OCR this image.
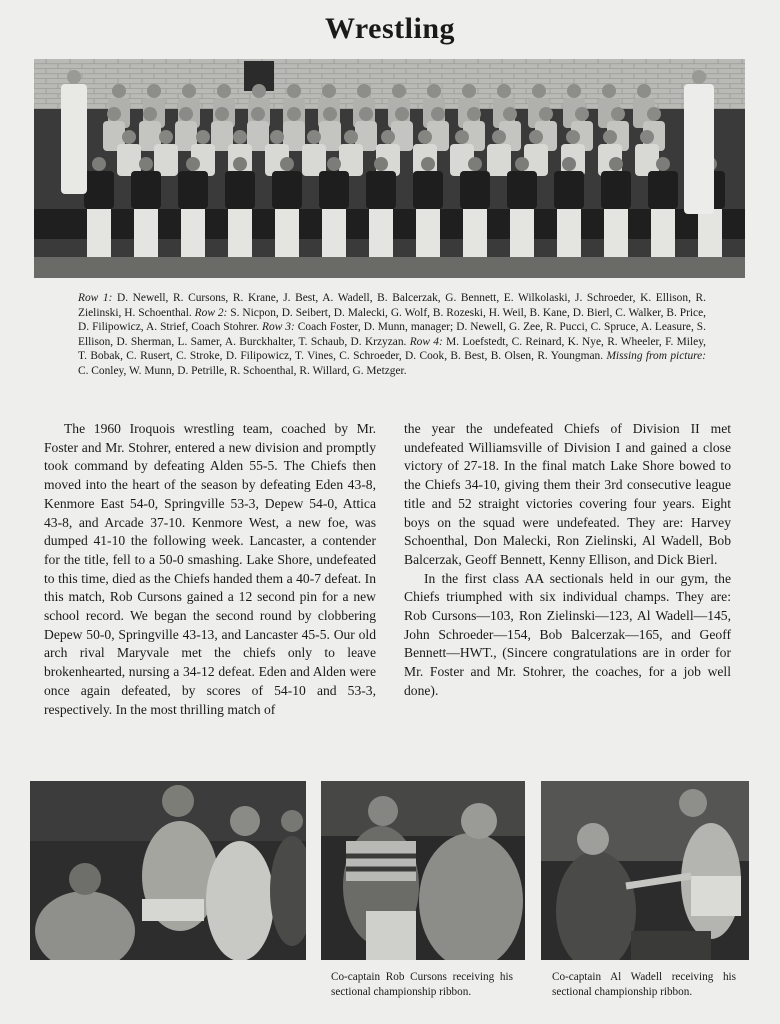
Wrestling
Row 1: D. Newell, R. Cursons, R. Krane, J. Best, A. Wadell, B. Balcerzak, G. Bennett, E. Wilkolaski, J. Schroeder, K. Ellison, R. Zielinski, H. Schoenthal. Row 2: S. Nicpon, D. Seibert, D. Malecki, G. Wolf, B. Rozeski, H. Weil, B. Kane, D. Bierl, C. Walker, B. Price, D. Filipowicz, A. Strief, Coach Stohrer. Row 3: Coach Foster, D. Munn, manager; D. Newell, G. Zee, R. Pucci, C. Spruce, A. Leasure, S. Ellison, D. Sherman, L. Samer, A. Burckhalter, T. Schaub, D. Krzyzan. Row 4: M. Loefstedt, C. Reinard, K. Nye, R. Wheeler, F. Miley, T. Bobak, C. Rusert, C. Stroke, D. Filipowicz, T. Vines, C. Schroeder, D. Cook, B. Best, B. Olsen, R. Youngman. Missing from picture: C. Conley, W. Munn, D. Petrille, R. Schoenthal, R. Willard, G. Metzger.

The 1960 Iroquois wrestling team, coached by Mr. Foster and Mr. Stohrer, entered a new division and promptly took command by defeating Alden 55-5. The Chiefs then moved into the heart of the season by defeating Eden 43-8, Kenmore East 54-0, Springville 53-3, Depew 54-0, Attica 43-8, and Arcade 37-10. Kenmore West, a new foe, was dumped 41-10 the following week. Lancaster, a contender for the title, fell to a 50-0 smashing. Lake Shore, undefeated to this time, died as the Chiefs handed them a 40-7 defeat. In this match, Rob Cursons gained a 12 second pin for a new school record. We began the second round by clobbering Depew 50-0, Springville 43-13, and Lancaster 45-5. Our old arch rival Maryvale met the chiefs only to leave brokenhearted, nursing a 34-12 defeat. Eden and Alden were once again defeated, by scores of 54-10 and 53-3, respectively. In the most thrilling match of

the year the undefeated Chiefs of Division II met undefeated Williamsville of Division I and gained a close victory of 27-18. In the final match Lake Shore bowed to the Chiefs 34-10, giving them their 3rd consecutive league title and 52 straight victories covering four years. Eight boys on the squad were undefeated. They are: Harvey Schoenthal, Don Malecki, Ron Zielinski, Al Wadell, Bob Balcerzak, Geoff Bennett, Kenny Ellison, and Dick Bierl.

In the first class AA sectionals held in our gym, the Chiefs triumphed with six individual champs. They are: Rob Cursons—103, Ron Zielinski—123, Al Wadell—145, John Schroeder—154, Bob Balcerzak—165, and Geoff Bennett—HWT., (Sincere congratulations are in order for Mr. Foster and Mr. Stohrer, the coaches, for a job well done).

Co-captain Rob Cursons receiving his sectional championship ribbon.
Co-captain Al Wadell receiving his sectional championship ribbon.
